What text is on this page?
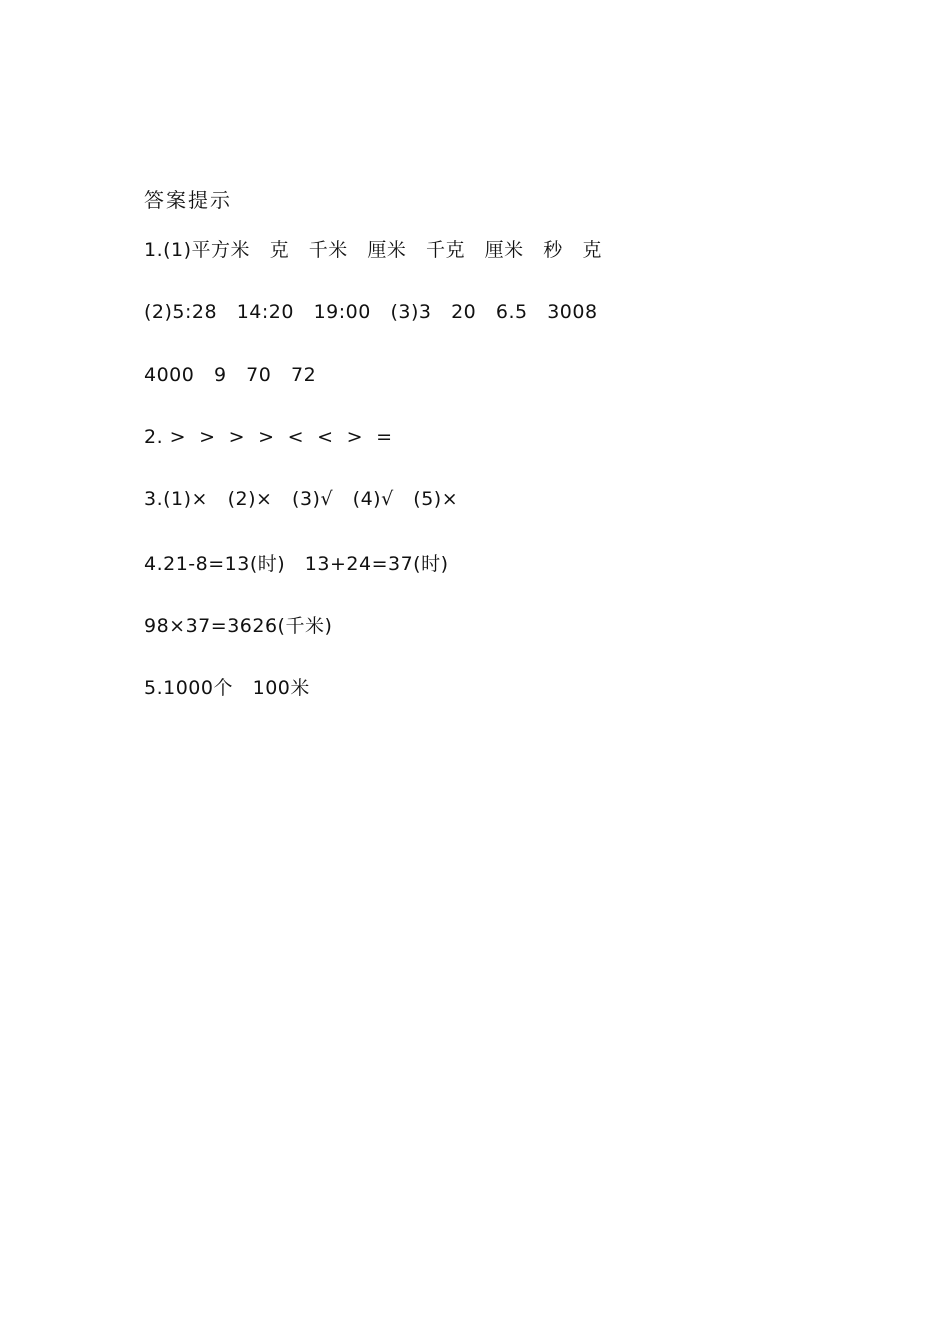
答案提示
1.(1)平方米   克   千米   厘米   千克   厘米   秒   克
(2)5:28   14:20   19:00   (3)3   20   6.5   3008
4000   9   70   72
2. >  >  >  >  <  <  >  =
3.(1)×   (2)×   (3)√   (4)√   (5)×
4.21-8=13(时)   13+24=37(时)
98×37=3626(千米)
5.1000个   100米
